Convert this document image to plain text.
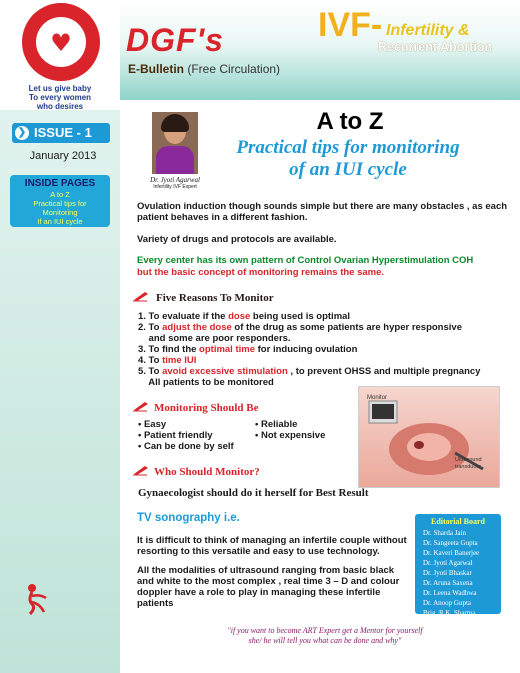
♥
Let us give baby
To every women
who desires
❯ ISSUE - 1
January 2013
INSIDE PAGES
A to Z
Practical tips for
Monitoring
If an IUI cycle
DGF's
E-Bulletin (Free Circulation)
IVF- Infertility &
Recurrent Abortion
Dr. Jyoti Agarwal
Infertility IVF Expert
A to Z
Practical tips for monitoring
of an IUI cycle
Ovulation induction though sounds simple but there are many obstacles , as each patient behaves in a different fashion.
Variety of drugs and protocols are available.
Every center has its own pattern of Control Ovarian Hyperstimulation COH
but the basic concept of monitoring remains the same.
Five Reasons To Monitor
1. To evaluate if the dose being used is optimal
2. To adjust the dose of the drug as some patients are hyper responsive
and some are poor responders.
3. To find the optimal time for inducing ovulation
4. To time IUI
5. To avoid excessive stimulation , to prevent OHSS and multiple pregnancy
All patients to be monitored
Monitoring Should Be
• Easy
• Patient friendly
• Can be done by self
• Reliable
• Not expensive
Monitor
Ultrasound transducer
Who Should Monitor?
Gynaecologist should do it herself for Best Result
TV sonography i.e.
It is difficult to think of managing an infertile couple without resorting to this versatile and easy to use technology.
All the modalities of ultrasound ranging from basic black and white to the most complex , real time 3 – D and colour doppler have a role to play in managing these infertile patients
Editorial Board
Dr. Sharda Jain
Dr. Sangeeta Gupta
Dr. Kaveri Banerjee
Dr. Jyoti Agarwal
Dr. Jyoti Bhaskar
Dr. Aruna Saxena
Dr. Leena Wadhwa
Dr. Anoop Gupta
Brig. R.K. Sharma
"if you want to become ART Expert get a Mentor for yourself
she/ he will tell you what can be done and why"
